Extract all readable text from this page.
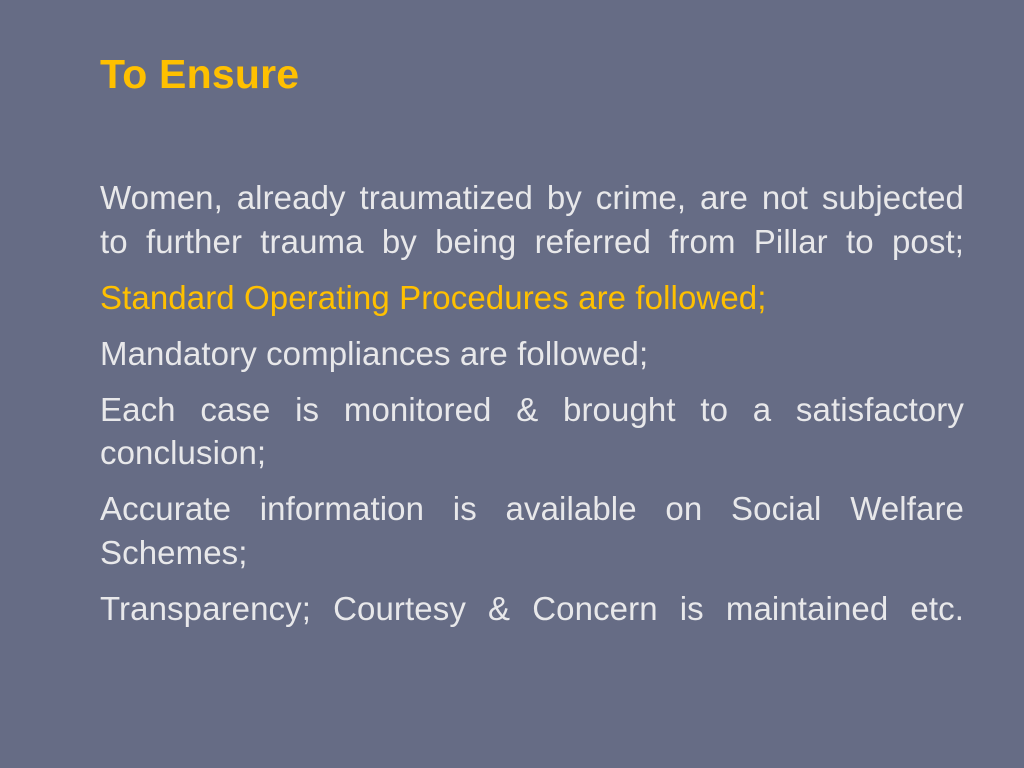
To Ensure

Women, already traumatized by crime, are not subjected to further trauma by being referred from Pillar to post;

Standard Operating Procedures are followed;

Mandatory compliances are followed;

Each case is monitored & brought to a satisfactory conclusion;

Accurate information is available on Social Welfare Schemes;

Transparency; Courtesy & Concern is maintained etc.
